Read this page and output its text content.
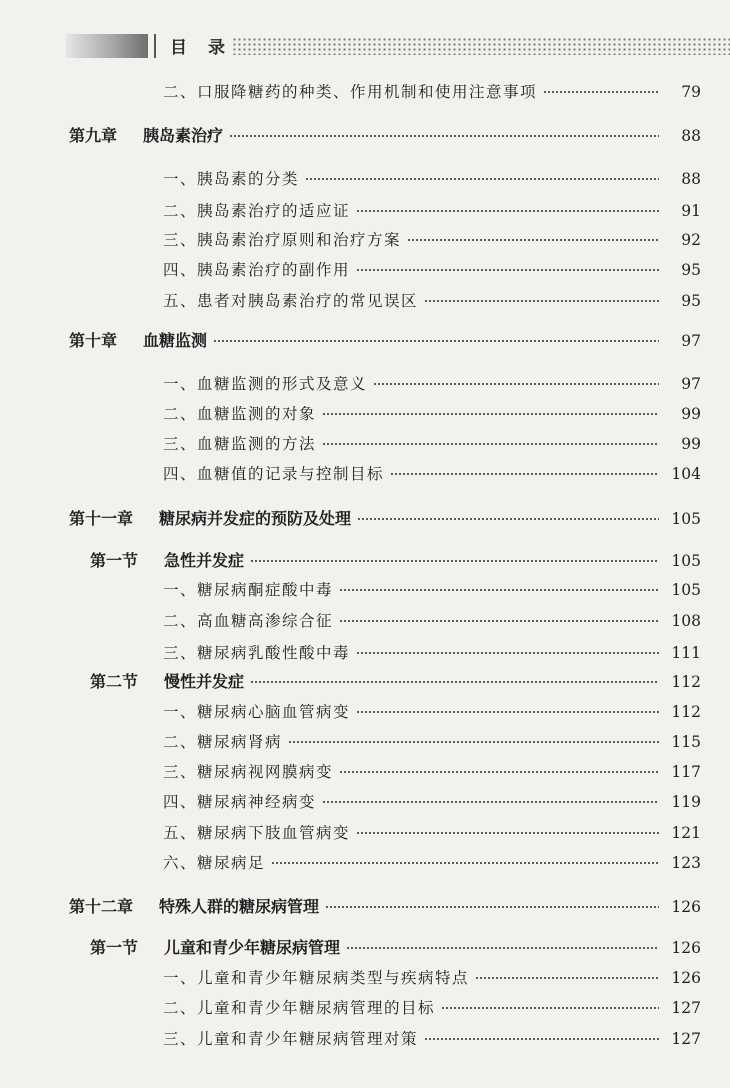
目　录
二、口服降糖药的种类、作用机制和使用注意事项	79
第九章 胰岛素治疗	88
一、胰岛素的分类	88
二、胰岛素治疗的适应证	91
三、胰岛素治疗原则和治疗方案	92
四、胰岛素治疗的副作用	95
五、患者对胰岛素治疗的常见误区	95
第十章 血糖监测	97
一、血糖监测的形式及意义	97
二、血糖监测的对象	99
三、血糖监测的方法	99
四、血糖值的记录与控制目标	104
第十一章 糖尿病并发症的预防及处理	105
第一节 急性并发症	105
一、糖尿病酮症酸中毒	105
二、高血糖高渗综合征	108
三、糖尿病乳酸性酸中毒	111
第二节 慢性并发症	112
一、糖尿病心脑血管病变	112
二、糖尿病肾病	115
三、糖尿病视网膜病变	117
四、糖尿病神经病变	119
五、糖尿病下肢血管病变	121
六、糖尿病足	123
第十二章 特殊人群的糖尿病管理	126
第一节 儿童和青少年糖尿病管理	126
一、儿童和青少年糖尿病类型与疾病特点	126
二、儿童和青少年糖尿病管理的目标	127
三、儿童和青少年糖尿病管理对策	127
